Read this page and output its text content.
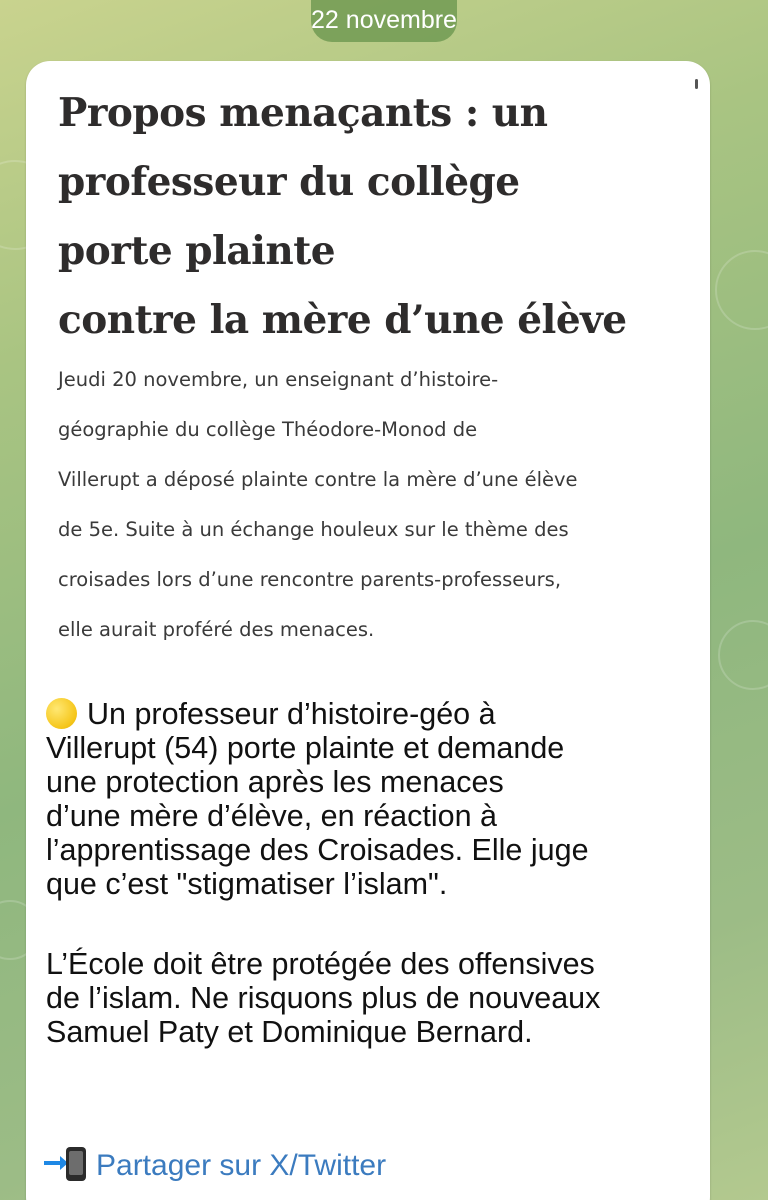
22 novembre
Propos menaçants : un
professeur du collège
porte plainte
contre la mère d’une élève
Jeudi 20 novembre, un enseignant d’histoire-
géographie du collège Théodore-Monod de
Villerupt a déposé plainte contre la mère d’une élève
de 5e. Suite à un échange houleux sur le thème des
croisades lors d’une rencontre parents-professeurs,
elle aurait proféré des menaces.
Un professeur d’histoire-géo à
Villerupt (54) porte plainte et demande
une protection après les menaces
d’une mère d’élève, en réaction à
l’apprentissage des Croisades. Elle juge
que c’est "stigmatiser l’islam".
L’École doit être protégée des offensives
de l’islam. Ne risquons plus de nouveaux
Samuel Paty et Dominique Bernard.
Partager sur X/Twitter
